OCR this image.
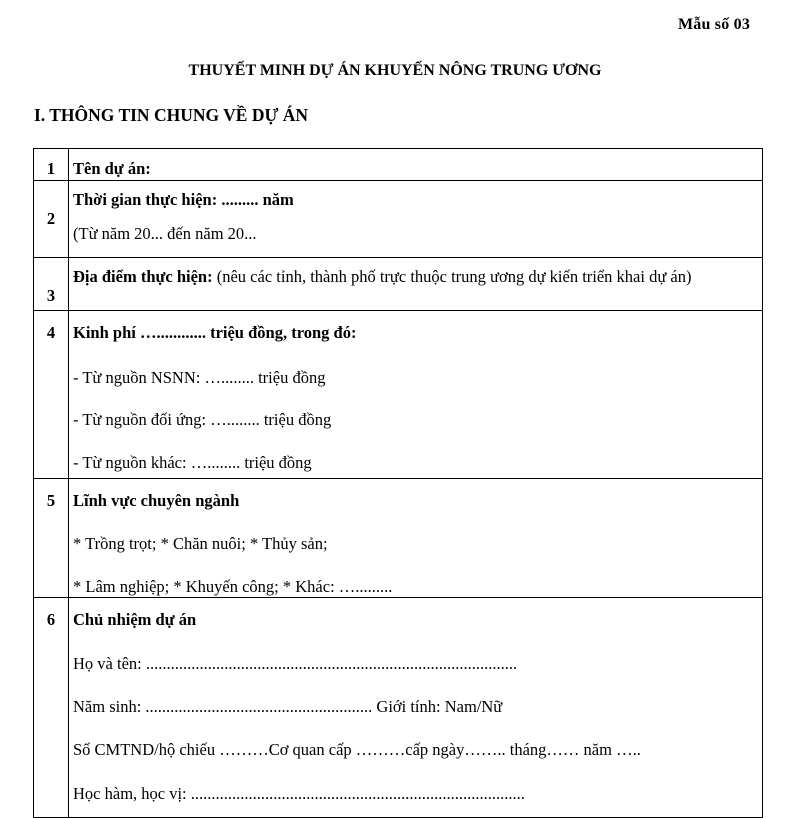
Mẫu số 03
THUYẾT MINH DỰ ÁN KHUYẾN NÔNG TRUNG ƯƠNG
I. THÔNG TIN CHUNG VỀ DỰ ÁN
1	Tên dự án:

2	Thời gian thực hiện: ......... năm
(Từ năm 20... đến năm 20...

3	Địa điểm thực hiện: (nêu các tỉnh, thành phố trực thuộc trung ương dự kiến triển khai dự án)

4	Kinh phí …............ triệu đồng, trong đó:
- Từ nguồn NSNN: …........ triệu đồng
- Từ nguồn đối ứng: …........ triệu đồng
- Từ nguồn khác: …........ triệu đồng

5	Lĩnh vực chuyên ngành
* Trồng trọt; * Chăn nuôi; * Thủy sản;
* Lâm nghiệp; * Khuyến công; * Khác: ….........

6	Chủ nhiệm dự án
Họ và tên: ..........................................................................................
Năm sinh: ....................................................... Giới tính: Nam/Nữ
Số CMTND/hộ chiếu ………Cơ quan cấp ………cấp ngày…….. tháng…… năm …..
Học hàm, học vị: .................................................................................
